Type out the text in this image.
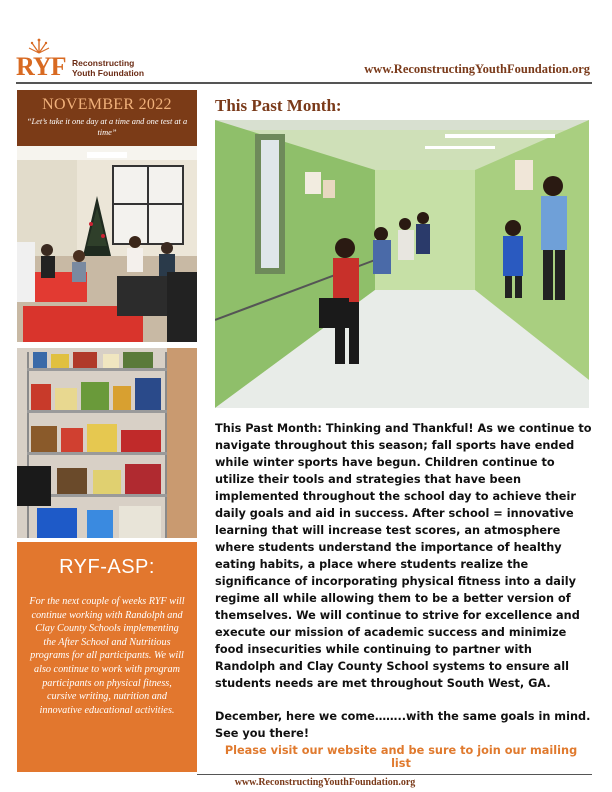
RYF Reconstructing
Youth Foundation	www.ReconstructingYouthFoundation.org
NOVEMBER 2022
“Let’s take it one day at a time and one test at a time”
RYF-ASP:
For the next couple of weeks RYF will continue working with Randolph and Clay County Schools implementing the After School and Nutritious programs for all participants. We will also continue to work with program participants on physical fitness, cursive writing, nutrition and innovative educational activities.
This Past Month:

This Past Month: Thinking and Thankful! As we continue to navigate throughout this season; fall sports have ended while winter sports have begun. Children continue to utilize their tools and strategies that have been implemented throughout the school day to achieve their daily goals and aid in success. After school = innovative learning that will increase test scores, an atmosphere where students understand the importance of healthy eating habits, a place where students realize the significance of incorporating physical fitness into a daily regime all while allowing them to be a better version of themselves. We will continue to strive for excellence and execute our mission of academic success and minimize food insecurities while continuing to partner with Randolph and Clay County School systems to ensure all students needs are met throughout South West, GA.

December, here we come……..with the same goals in mind. See you there!

Please visit our website and be sure to join our mailing list
www.ReconstructingYouthFoundation.org
